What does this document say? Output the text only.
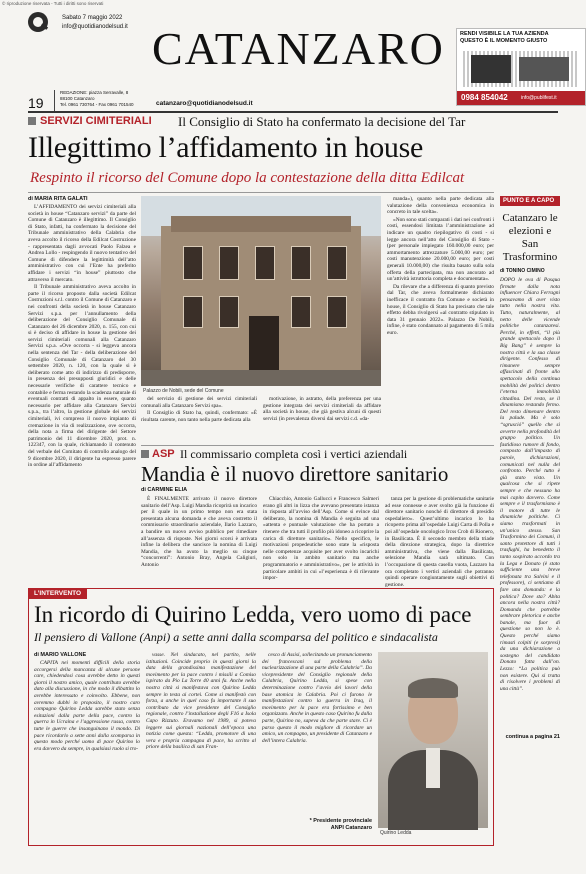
© riproduzione riservata - Tutti i diritti sono riservati
Sabato 7 maggio 2022
info@quotidianodelsud.it CATANZARO
19
REDAZIONE: piazza Serravalle, 8
88100 Catanzaro
Tel. 0961 730764 - Fax 0961 701540	catanzaro@quotidianodelsud.it
RENDI VISIBILE LA TUA AZIENDA
QUESTO È IL MOMENTO GIUSTO
0984 854042	info@publifest.it
SERVIZI CIMITERIALI Il Consiglio di Stato ha confermato la decisione del Tar
Illegittimo l’affidamento in house
Respinto il ricorso del Comune dopo la contestazione della ditta Edilcat
di MARIA RITA GALATI

L’AFFIDAMENTO dei servizi cimiteriali alla società in house “Catanzaro servizi” da parte del Comune di Catanzaro è illegittimo. Il Consiglio di Stato, infatti, ha confermato la decisione del Tribunale amministrativo della Calabria che aveva accolto il ricorso della Edilcat Costruzione - rappresentata dagli avvocati Paolo Falzea e Andrea Lollo - respingendo il nuovo tentativo del Comune di difendere la legittimità dell’atto amministrativo con cui l’Ente ha preferito affidare i servizi “in house” piuttosto che attraverso il mercato.

Il Tribunale amministrativo aveva accolto in parte il ricorso proposto dalla società Edilcat Costruzioni s.r.l. contro il Comune di Catanzaro e nei confronti della società in house Catanzaro Servizi s.p.a. per l’annullamento della deliberazione del Consiglio Comunale di Catanzaro del 26 dicembre 2020, n. 155, con cui si è deciso di affidare in house la gestione dei servizi cimiteriali comunali alla Catanzaro Servizi s.p.a. «Ove occorra - si leggeva ancora nella sentenza del Tar - della deliberazione del Consiglio Comunale di Catanzaro del 30 settembre 2020, n. 120, con la quale si è deliberato come atto di indirizzo di predisporre, in presenza dei presupposti giuridici e delle necessarie verifiche di carattere tecnico e contabile e ferma restando la scadenza naturale di eventuali contratti di appalto in essere, quanto necessario per affidare alla Catanzaro Servizi s.p.a., tra l’altro, la gestione globale dei servizi cimiteriali, ivi compreso il nuovo impianto di cremazione in via di realizzazione, ove occorra, della nota a firma del dirigente del Settore patrimonio del 11 dicembre 2020, prot. n. 122347, con la quale, richiamando il contenuto del verbale del Comitato di controllo analogo del 9 dicembre 2020, il dirigente ha espresso parere in ordine all’affidamento

Palazzo de Nobili, sede del Comune

del servizio di gestione dei servizi cimiteriali comunali alla Catanzaro Servizi spa».

Il Consiglio di Stato ha, quindi, confermato: «È risultata carente, non tanto nella parte dedicata alla

motivazione, in astratto, della preferenza per una gestione integrata dei servizi cimiteriali da affidare alla società in house, che già gestiva alcuni di questi servizi (in prevalenza diversi dai servizi c.d. «da-

manda»), quanto nella parte dedicata alla valutazione della convenienza economica in concreto in tale scelta».

«Non sono stati comparati i dati nei confronti i costi, essendosi limitata l’amministrazione ad indicare un quadro riepilogativo di costi - si legge ancora nell’atto del Consiglio di Stato - (per personale impiegato 160.000,00 euro; per ammortamento attrezzature 5.000,00 euro; per costi manutenzione 20.000,00 euro; per costi generali 10.000,00) che risulta basato sulla sola offerta della partecipata, ma non ancorato ad un’attività istruttoria completa e documentata».

Da rilevare che a differenza di quanto previsto dal Tar, che aveva formalmente dichiarato inefficace il contratto fra Comune e società in house, il Consiglio di Stato ha precisato che tale effetto debba rivolgersi «al contratto stipulato in data 31 gennaio 2022». Palazzo De Nobili, infine, è stato condannato al pagamento di 5 mila euro.

ASP Il commissario completa così i vertici aziendali
Mandia è il nuovo direttore sanitario
di CARMINE ELIA

È FINALMENTE arrivato il nuovo direttore sanitario dell’Asp. Luigi Mandia ricoprirà un incarico per il quale in un primo tempo non era stata presentata alcuna domanda e che aveva costretto il commissario straordinario aziendale, Ilario Lazzaro, a bandire un nuovo avviso pubblico per rimediare all’assenza di risposte. Nei giorni scorsi è arrivata infine la delibera che sancisce la nomina di Luigi Mandia, che ha avuto la meglio su cinque “concorrenti”: Antonio Bray, Angela Caligiuri, Antonio

Chiacchio, Antonio Gallucci e Francesco Salmeri erano gli altri in lizza che avevano presentato istanza in risposta all’avviso dell’Asp. Come si evince dal deliberato, la nomina di Mandia è seguita ad una «attenta e puntuale valutazione che ha portato a ritenere che tra tutti il profilo più idoneo a ricoprire la carica di direttore sanitario». Nello specifico, le motivazioni propedeutiche sono state la «risposta nelle competenze acquisite per aver svolto incarichi non solo in ambito sanitario ma anche programmatorio e amministrativo», per le attività in particolare ambiti in cui «l’esperienza è di rilevante impor-

tanza per la gestione di problematiche sanitarie ad esse connesse e aver svolto già la funzione di direttore sanitario nonché di direttore di presidio ospedaliero». Quest’ultimo incarico lo ha ricoperto prima all’ospedale Luigi Carta di Polla e poi all’ospedale oncologico Ircss Crob di Rionero, in Basilicata. È il secondo membro della triade della direzione strategica, dopo la direttrice amministrativa, che viene dalla Basilicata, selezione Mandia sarà ultimato. Con l’occupazione di questa casella vuota, Lazzaro ha ora completato i vertici aziendali che potranno quindi operare congiuntamente sugli obiettivi di gestione.

PUNTO E A CAPO
Catanzaro le elezioni e San Trasformino
di TONINO CIMINO
DOPO le ova di Pasqua firmate dalla nota influencer Chiara Ferragni pensavamo di aver visto tutto nella nostra vita. Tutto, naturalmente, al netto delle vicende politiche catanzaresi. Perché, in effetti, “il più grande spettacolo dopo il Big Bang” è sempre la nostra città e la sua classe dirigente. Confesso di rimanere sempre affascinati di fronte allo spettacolo della continua mobilità dei politici dentro l’eterna immobilità cittadina. Del resto, se il dinamismo restando fermo. Del resto dimenare dentro la palude. Ma è solo “sgrusció” quello che si avverte nella profondità del gruppo politico. Un fastidioso rumore di fondo, composto dall’impasto di parole, dichiarazioni, comunicati nel nulla del confronto. Perché tutto è già stato visto. Un qualcosa che si ripete sempre e che nessuno ha mai capito davvero. Come sempre e il trasformismo è il motore di tutte le dinamiche politiche. Ci siamo trasformati in un’unico stesso. San Trasformino dei Comuni, il santo protettore di tutti i trasfughi, ha benedetto il tanto sospirato accordo tra la Lega e Donato (è stato sufficiente una breve telefonata tra Salvini e il professore), ci sentiamo di fare una domanda: e la politica? Dove sta? Abita ancora nella nostra città? Domanda che potrebbe sembrare pletorica e anche banale, ma fuor di questione so non lo è. Questo perché siamo rimasti colpiti (e sorpresi) da una dichiarazione a sostegno del candidato Donato fatta dall’on. Lezzo: “La politica può non esistere. Qui si tratta di risolvere i problemi di una città”.
continua a pagina 21
L’INTERVENTO
In ricordo di Quirino Ledda, vero uomo di pace
Il pensiero di Vallone (Anpi) a sette anni dalla scomparsa del politico e sindacalista
di MARIO VALLONE

CAPITA nei momenti difficili della storia accorgersi della mancanza di alcune persone care, chiedendosi cosa avrebbe detto in questi giorni il nostro amico, quale contributo avrebbe dato alla discussione, in che modo il dibattito lo avrebbe interessato e coinvolto. Ebbene, non avremmo dubbi in proposito, il nostro caro compagno Quirino Ledda sarebbe stato senza esitazioni dalla parte della pace, contro la guerra in Ucraina e l’aggressione russa, contro tutte le guerre che insanguinano il mondo. Di pace ricordarlo a sette anni dalla scomparsa in questo modo perché uomo di pace Quirino lo era davvero da sempre, in qualsiasi ruolo si tro-

vasse. Nel sindacato, nel partito, nelle istituzioni. Coincide proprio in questi giorni la data della grandissima manifestazione del movimento per la pace contro i missili a Comiso ispirato da Pio La Torre 40 anni fa. Anche nella nostra città si manifestava con Quirino Ledda sempre in testa ai cortei. Come si manifestò con forza, a anche in quel caso fu importante il suo contributo da vice presidente del Consiglio regionale, contro l’installazione degli F16 a Isola Capo Rizzuto. Eravamo nel 1989, si poteva leggere sui giornali nazionali dell’epoca una notizia come questa: “Ledda, promotore di una vera e propria campagna di pace, ha scritto al priore della basilica di san Fran-

cesco di Assisi, sollecitando un pronunciamento dei francescani sul problema della nuclearizzazione di una parte della Calabria”. Da vicepresidente del Consiglio regionale della Calabria, Quirino Ledda, si spese con determinazione contro l’avvio dei lavori della base atomica in Calabria. Poi ci furono le manifestazioni contro la guerra in Iraq, il movimento per la pace era fortissimo e ben organizzato. Anche in questo caso Quirino fu dalla parte, Quirino no, sapeva da che parte stare. Ci è parso questo il modo migliore di ricordare un amico, un compagno, un presidente di Catanzaro e dell’intera Calabria.

* Presidente provinciale
ANPI Catanzaro
Quirino Ledda
